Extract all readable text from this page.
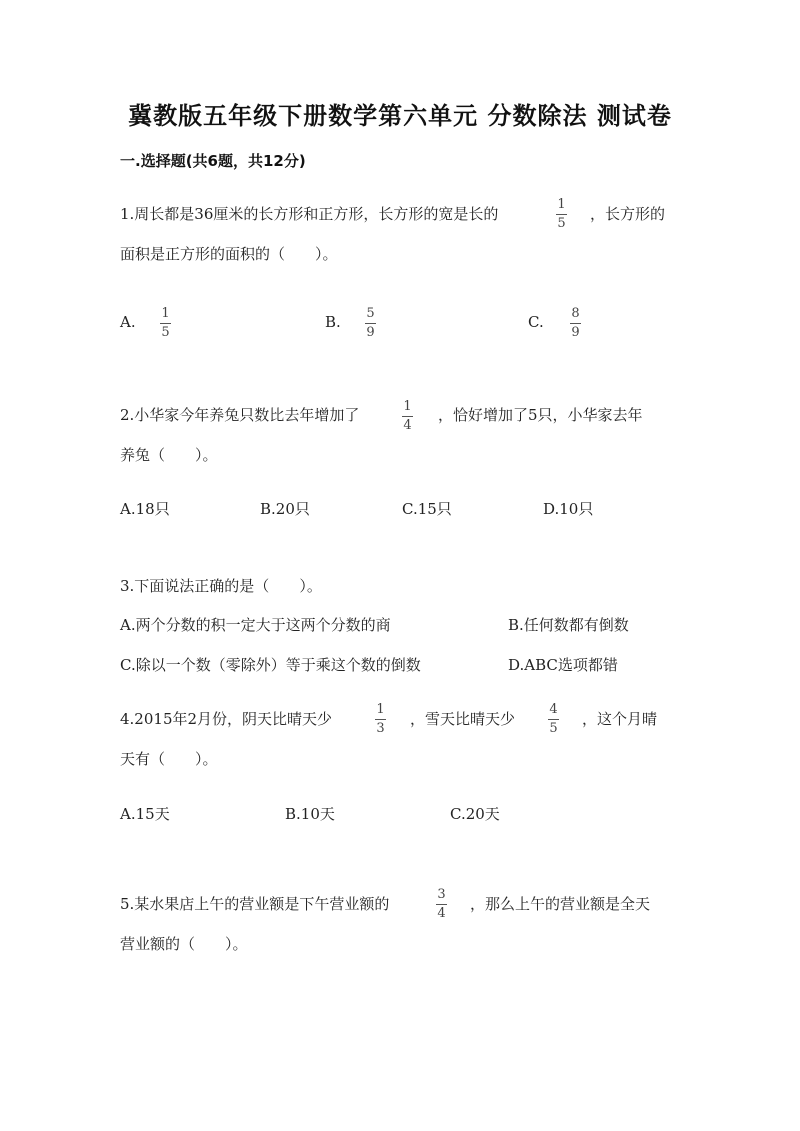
冀教版五年级下册数学第六单元 分数除法 测试卷
一.选择题(共6题，共12分)
1.周长都是36厘米的长方形和正方形，长方形的宽是长的
1
5
，长方形的
面积是正方形的面积的（　　）。
A. 1
5
B. 5
9
C. 8
9
2.小华家今年养兔只数比去年增加了	1
4
，恰好增加了5只，小华家去年
养兔（　　）。
A.18只	B.20只	C.15只	D.10只
3.下面说法正确的是（　　）。
A.两个分数的积一定大于这两个分数的商	B.任何数都有倒数
C.除以一个数（零除外）等于乘这个数的倒数	D.ABC选项都错
4.2015年2月份，阴天比晴天少
1
3
，雪天比晴天少
4
5
，这个月晴
天有（　　）。
A.15天	B.10天	C.20天
5.某水果店上午的营业额是下午营业额的
3
4
，那么上午的营业额是全天
营业额的（　　）。
